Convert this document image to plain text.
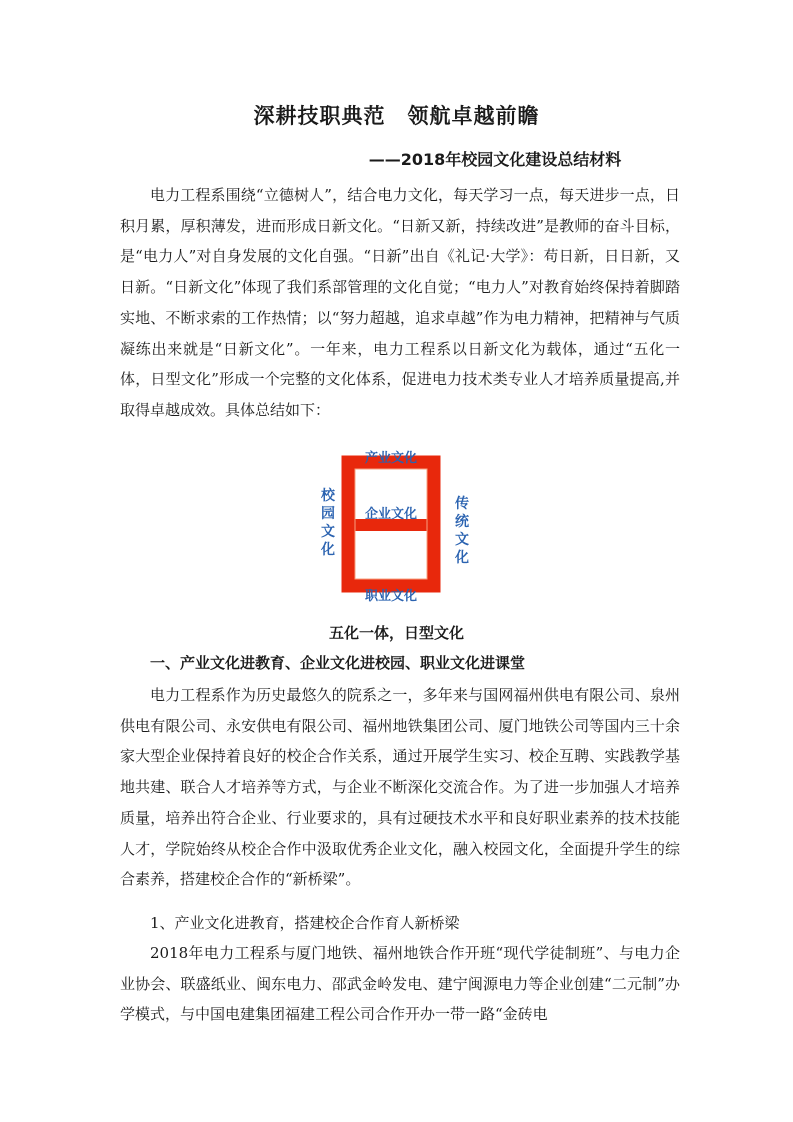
深耕技职典范　领航卓越前瞻
——2018年校园文化建设总结材料

电力工程系围绕“立德树人”，结合电力文化，每天学习一点，每天进步一点，日积月累，厚积薄发，进而形成日新文化。“日新又新，持续改进”是教师的奋斗目标，是“电力人”对自身发展的文化自强。“日新”出自《礼记·大学》：苟日新，日日新，又日新。“日新文化”体现了我们系部管理的文化自觉；“电力人”对教育始终保持着脚踏实地、不断求索的工作热情；以“努力超越，追求卓越”作为电力精神，把精神与气质凝练出来就是“日新文化”。一年来，电力工程系以日新文化为载体，通过“五化一体，日型文化”形成一个完整的文化体系，促进电力技术类专业人才培养质量提高,并取得卓越成效。具体总结如下：

产业文化
企业文化
职业文化
校
园
文
化
传
统
文
化
五化一体，日型文化

一、产业文化进教育、企业文化进校园、职业文化进课堂

电力工程系作为历史最悠久的院系之一，多年来与国网福州供电有限公司、泉州供电有限公司、永安供电有限公司、福州地铁集团公司、厦门地铁公司等国内三十余家大型企业保持着良好的校企合作关系，通过开展学生实习、校企互聘、实践教学基地共建、联合人才培养等方式，与企业不断深化交流合作。为了进一步加强人才培养质量，培养出符合企业、行业要求的，具有过硬技术水平和良好职业素养的技术技能人才，学院始终从校企合作中汲取优秀企业文化，融入校园文化，全面提升学生的综合素养，搭建校企合作的“新桥梁”。

1、产业文化进教育，搭建校企合作育人新桥梁

2018年电力工程系与厦门地铁、福州地铁合作开班“现代学徒制班”、与电力企业协会、联盛纸业、闽东电力、邵武金岭发电、建宁闽源电力等企业创建“二元制”办学模式，与中国电建集团福建工程公司合作开办一带一路“金砖电
